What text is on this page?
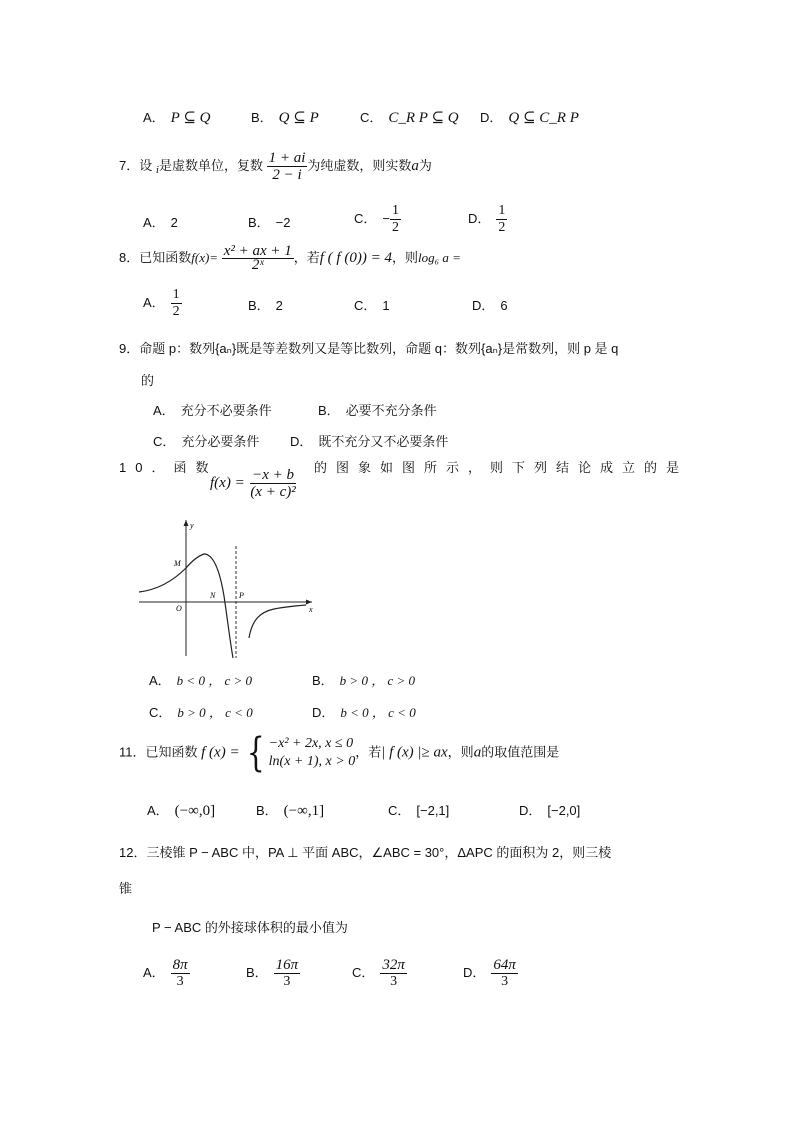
A． P ⊆ Q	B． Q ⊆ P	C． C_R P ⊆ Q D． Q ⊆ C_R P
7．设 $_i$是虚数单位，复数 $\frac{1 + ai}{2 - i}$ 为纯虚数，则实数a为
A． 2	B． −2	C． − $\frac{1}{2}$	D． $\frac{1}{2}$
8．已知函数$f(x)= \frac{\text{x² + ax + 1}}{\text{2ˣ}}$ ，若f ( f (0)) = 4，则log₆ a =
A． $\frac{1}{2}$	B． 2	C． 1	D． 6
9．命题 p：数列{aₙ}既是等差数列又是等比数列，命题 q：数列{aₙ}是常数列，则 p 是 q
的
A． 充分不必要条件	B． 必要不充分条件
C． 充分必要条件 D． 既不充分又不必要条件
10．函数
$f(x) = \frac{-x + b}{\text{(x + c)²}}$ 的图象如图所示，则下列结论成立的是
y
x
M
O
N	P
A． b < 0 ， c > 0	B． b > 0 ， c > 0
C． b > 0 ， c < 0	D． b < 0 ， c < 0
11．已知函数 f (x) = { −x² + 2x, x ≤ 0
ln(x + 1), x > 0
，若| f (x) |≥ ax，则a的取值范围是
A． (−∞,0]	B． (−∞,1]	C． [−2,1]	D． [−2,0]
12．三棱锥 P − ABC 中，PA ⊥ 平面 ABC，∠ABC = 30°，ΔAPC 的面积为 2，则三棱
锥
P − ABC 的外接球体积的最小值为
A． $\frac{8\pi}{3}$	B． $\frac{16\pi}{3}$	C． $\frac{32\pi}{3}$	D． $\frac{64\pi}{3}$
